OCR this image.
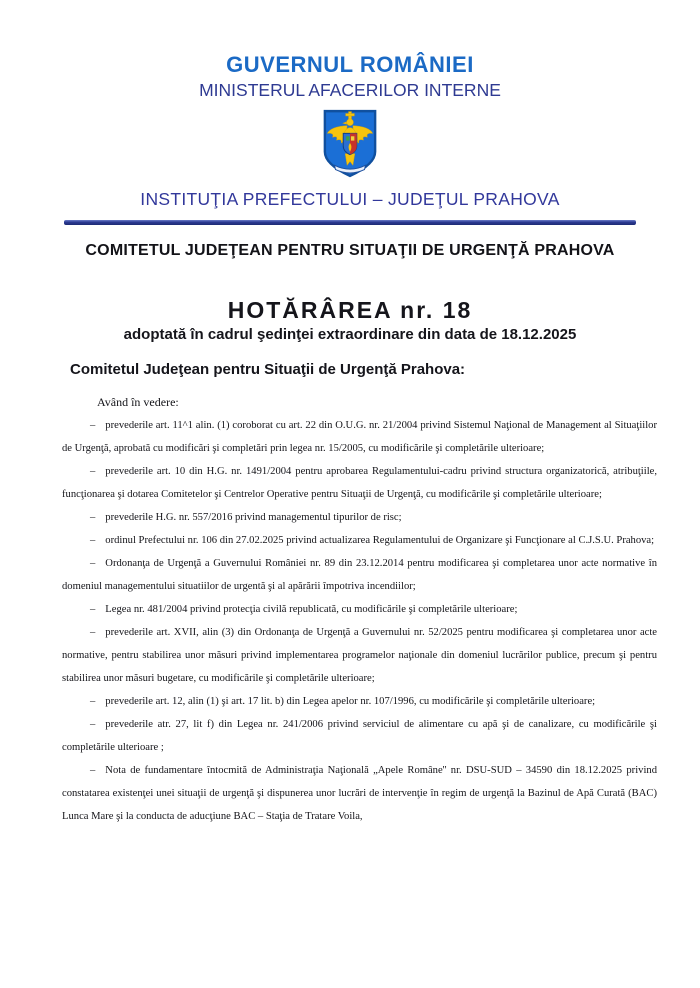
GUVERNUL ROMÂNIEI
MINISTERUL AFACERILOR INTERNE
INSTITUŢIA PREFECTULUI – JUDEŢUL PRAHOVA
COMITETUL JUDEŢEAN PENTRU SITUAŢII DE URGENŢĂ PRAHOVA
HOTĂRÂREA nr. 18
adoptată în cadrul şedinţei extraordinare din data de 18.12.2025
Comitetul Judeţean pentru Situaţii de Urgenţă Prahova:

Având în vedere:

– prevederile art. 11^1 alin. (1) coroborat cu art. 22 din O.U.G. nr. 21/2004 privind Sistemul Naţional de Management al Situaţiilor de Urgenţă, aprobată cu modificări şi completări prin legea nr. 15/2005, cu modificările şi completările ulterioare;

– prevederile art. 10 din H.G. nr. 1491/2004 pentru aprobarea Regulamentului-cadru privind structura organizatorică, atribuţiile, funcţionarea şi dotarea Comitetelor şi Centrelor Operative pentru Situaţii de Urgenţă, cu modificările şi completările ulterioare;

– prevederile H.G. nr. 557/2016 privind managementul tipurilor de risc;

– ordinul Prefectului nr. 106 din 27.02.2025 privind actualizarea Regulamentului de Organizare şi Funcţionare al C.J.S.U. Prahova;

– Ordonanţa de Urgenţă a Guvernului României nr. 89 din 23.12.2014 pentru modificarea şi completarea unor acte normative în domeniul managementului situatiilor de urgentă şi al apărării împotriva incendiilor;

– Legea nr. 481/2004 privind protecţia civilă republicată, cu modificările şi completările ulterioare;

– prevederile art. XVII, alin (3) din Ordonanţa de Urgenţă a Guvernului nr. 52/2025 pentru modificarea şi completarea unor acte normative, pentru stabilirea unor măsuri privind implementarea programelor naţionale din domeniul lucrărilor publice, precum şi pentru stabilirea unor măsuri bugetare, cu modificările şi completările ulterioare;

– prevederile art. 12, alin (1) şi art. 17 lit. b) din Legea apelor nr. 107/1996, cu modificările şi completările ulterioare;

– prevederile atr. 27, lit f) din Legea nr. 241/2006 privind serviciul de alimentare cu apă şi de canalizare, cu modificările şi completările ulterioare ;

– Nota de fundamentare întocmită de Administraţia Naţională „Apele Române'' nr. DSU-SUD – 34590 din 18.12.2025 privind constatarea existenţei unei situaţii de urgenţă şi dispunerea unor lucrări de intervenţie în regim de urgenţă la Bazinul de Apă Curată (BAC) Lunca Mare şi la conducta de aducţiune BAC – Staţia de Tratare Voila,
